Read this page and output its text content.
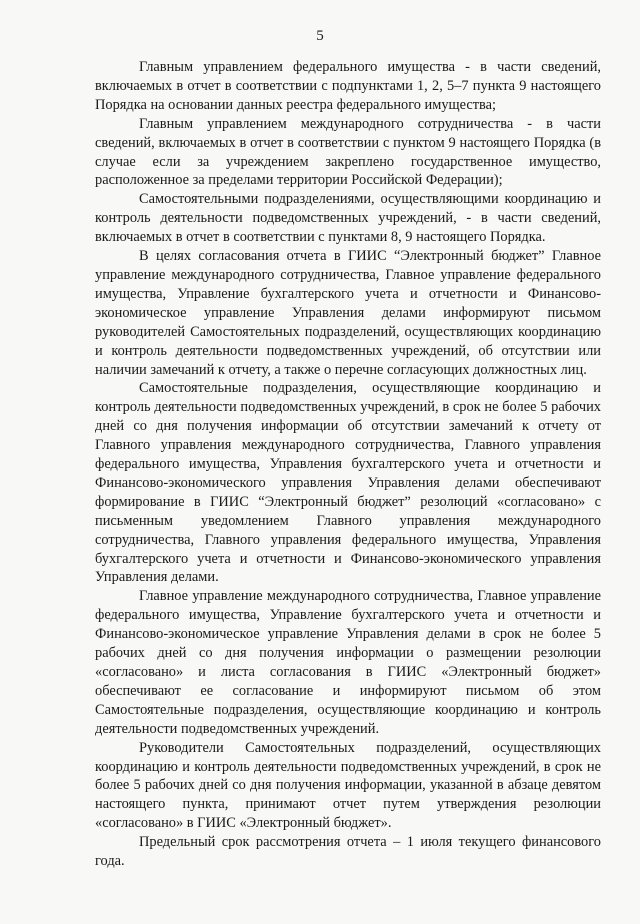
5

Главным управлением федерального имущества - в части сведений, включаемых в отчет в соответствии с подпунктами 1, 2, 5–7 пункта 9 настоящего Порядка на основании данных реестра федерального имущества;

Главным управлением международного сотрудничества - в части сведений, включаемых в отчет в соответствии с пунктом 9 настоящего Порядка (в случае если за учреждением закреплено государственное имущество, расположенное за пределами территории Российской Федерации);

Самостоятельными подразделениями, осуществляющими координацию и контроль деятельности подведомственных учреждений, - в части сведений, включаемых в отчет в соответствии с пунктами 8, 9 настоящего Порядка.

В целях согласования отчета в ГИИС “Электронный бюджет” Главное управление международного сотрудничества, Главное управление федерального имущества, Управление бухгалтерского учета и отчетности и Финансово-экономическое управление Управления делами информируют письмом руководителей Самостоятельных подразделений, осуществляющих координацию и контроль деятельности подведомственных учреждений, об отсутствии или наличии замечаний к отчету, а также о перечне согласующих должностных лиц.

Самостоятельные подразделения, осуществляющие координацию и контроль деятельности подведомственных учреждений, в срок не более 5 рабочих дней со дня получения информации об отсутствии замечаний к отчету от Главного управления международного сотрудничества, Главного управления федерального имущества, Управления бухгалтерского учета и отчетности и Финансово-экономического управления Управления делами обеспечивают формирование в ГИИС “Электронный бюджет” резолюций «согласовано» с письменным уведомлением Главного управления международного сотрудничества, Главного управления федерального имущества, Управления бухгалтерского учета и отчетности и Финансово-экономического управления Управления делами.

Главное управление международного сотрудничества, Главное управление федерального имущества, Управление бухгалтерского учета и отчетности и Финансово-экономическое управление Управления делами в срок не более 5 рабочих дней со дня получения информации о размещении резолюции «согласовано» и листа согласования в ГИИС «Электронный бюджет» обеспечивают ее согласование и информируют письмом об этом Самостоятельные подразделения, осуществляющие координацию и контроль деятельности подведомственных учреждений.

Руководители Самостоятельных подразделений, осуществляющих координацию и контроль деятельности подведомственных учреждений, в срок не более 5 рабочих дней со дня получения информации, указанной в абзаце девятом настоящего пункта, принимают отчет путем утверждения резолюции «согласовано» в ГИИС «Электронный бюджет».

Предельный срок рассмотрения отчета – 1 июля текущего финансового года.
